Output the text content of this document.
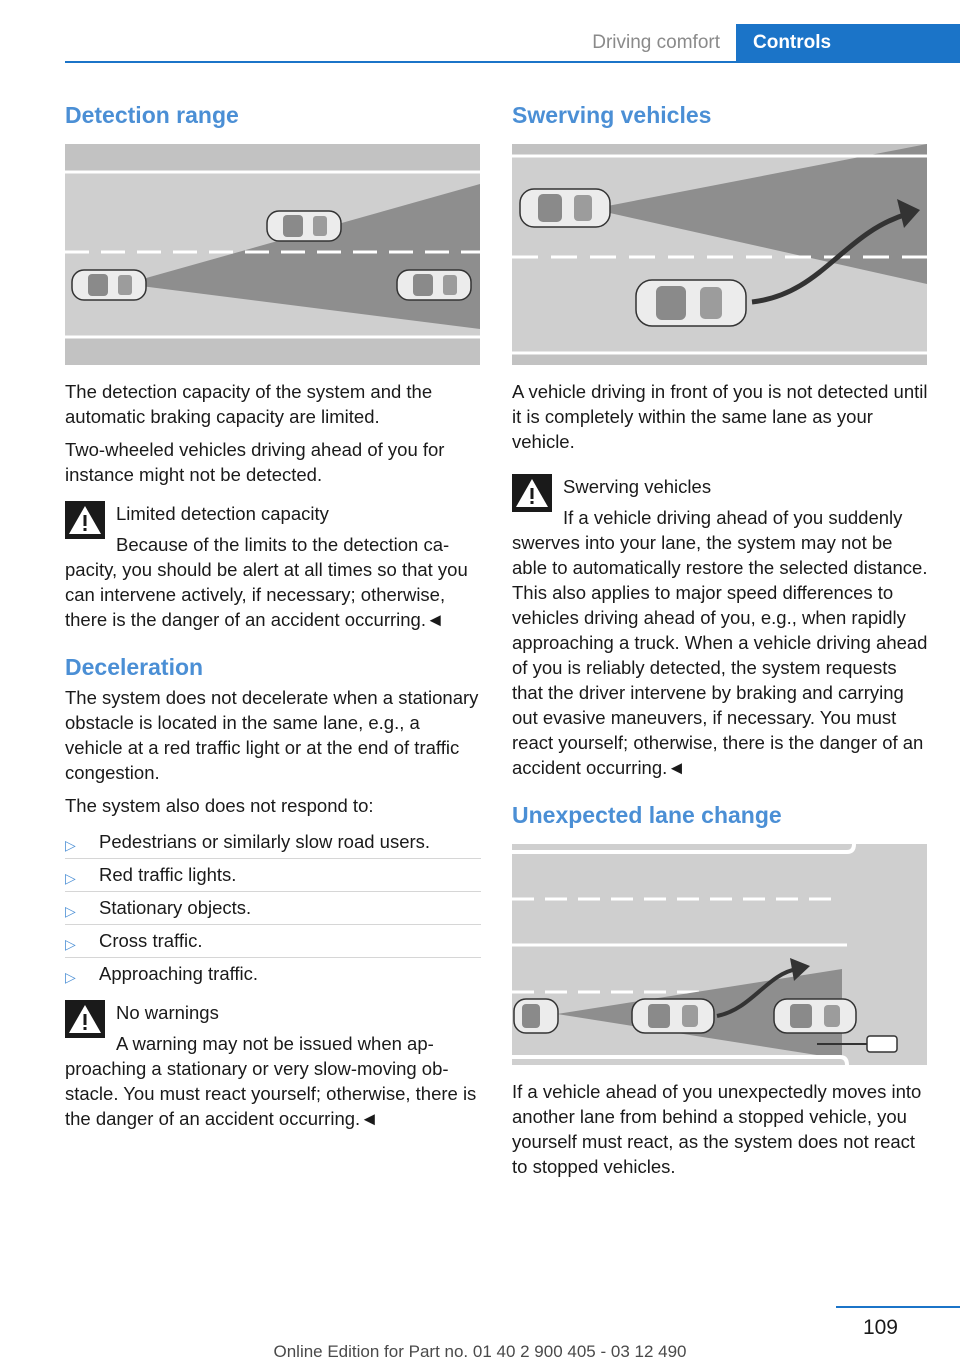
Driving comfort	Controls
Detection range

The detection capacity of the system and the automatic braking capacity are limited.

Two-wheeled vehicles driving ahead of you for instance might not be detected.

Limited detection capacity

Because of the limits to the detection capacity, you should be alert at all times so that you can intervene actively, if necessary; otherwise, there is the danger of an accident occurring.◄

Deceleration

The system does not decelerate when a stationary obstacle is located in the same lane, e.g., a vehicle at a red traffic light or at the end of traffic congestion.

The system also does not respond to:

▷ Pedestrians or similarly slow road users.
▷ Red traffic lights.
▷ Stationary objects.
▷ Cross traffic.
▷ Approaching traffic.

No warnings

A warning may not be issued when approaching a stationary or very slow-moving obstacle. You must react yourself; otherwise, there is the danger of an accident occurring.◄

Swerving vehicles

A vehicle driving in front of you is not detected until it is completely within the same lane as your vehicle.

Swerving vehicles

If a vehicle driving ahead of you suddenly swerves into your lane, the system may not be able to automatically restore the selected distance. This also applies to major speed differences to vehicles driving ahead of you, e.g., when rapidly approaching a truck. When a vehicle driving ahead of you is reliably detected, the system requests that the driver intervene by braking and carrying out evasive maneuvers, if necessary. You must react yourself; otherwise, there is the danger of an accident occurring.◄

Unexpected lane change

If a vehicle ahead of you unexpectedly moves into another lane from behind a stopped vehicle, you yourself must react, as the system does not react to stopped vehicles.

109
Online Edition for Part no. 01 40 2 900 405 - 03 12 490
